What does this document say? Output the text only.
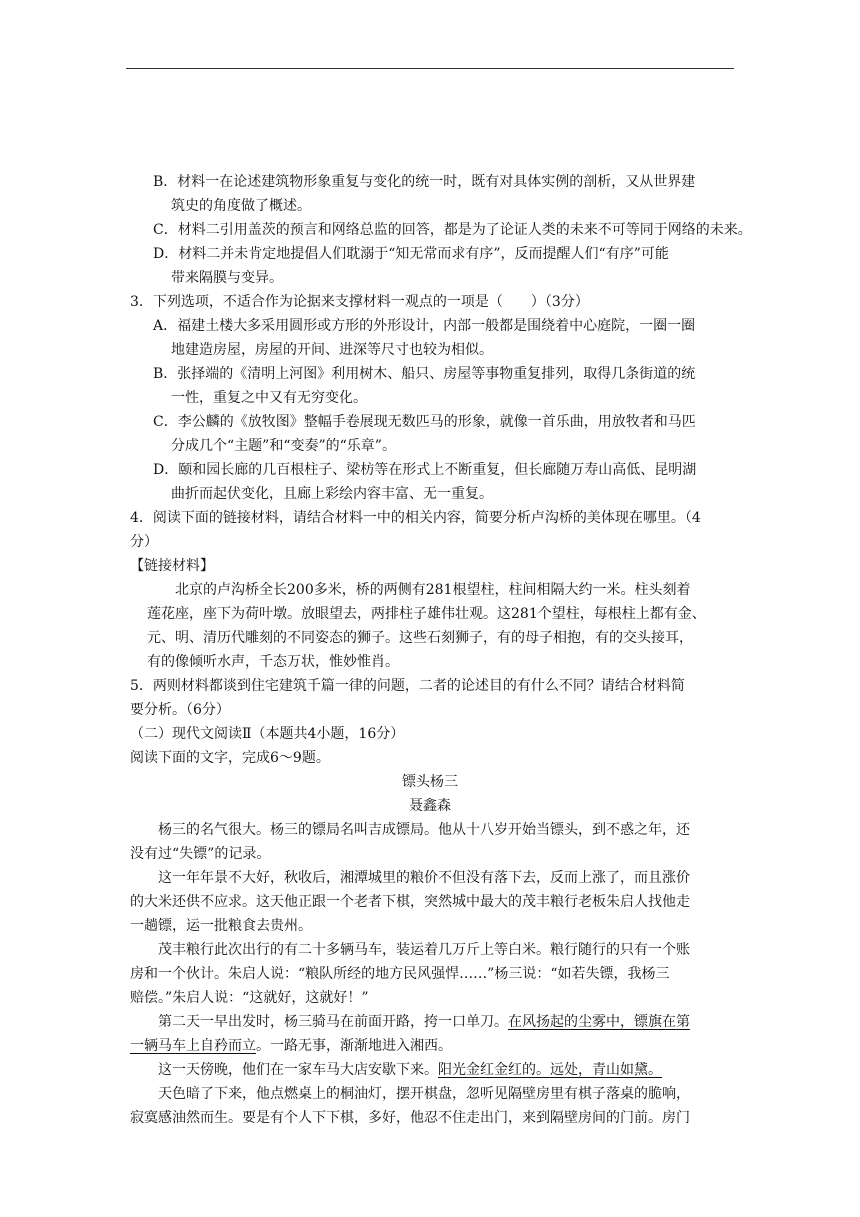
B．材料一在论述建筑物形象重复与变化的统一时，既有对具体实例的剖析，又从世界建
筑史的角度做了概述。
C．材料二引用盖茨的预言和网络总监的回答，都是为了论证人类的未来不可等同于网络的未来。
D．材料二并未肯定地提倡人们耽溺于“知无常而求有序”，反而提醒人们“有序”可能
带来隔膜与变异。
3．下列选项，不适合作为论据来支撑材料一观点的一项是（　　）（3分）
A．福建土楼大多采用圆形或方形的外形设计，内部一般都是围绕着中心庭院，一圈一圈
地建造房屋，房屋的开间、进深等尺寸也较为相似。
B．张择端的《清明上河图》利用树木、船只、房屋等事物重复排列，取得几条街道的统
一性，重复之中又有无穷变化。
C．李公麟的《放牧图》整幅手卷展现无数匹马的形象，就像一首乐曲，用放牧者和马匹
分成几个“主题”和“变奏”的“乐章”。
D．颐和园长廊的几百根柱子、梁枋等在形式上不断重复，但长廊随万寿山高低、昆明湖
曲折而起伏变化，且廊上彩绘内容丰富、无一重复。
4．阅读下面的链接材料，请结合材料一中的相关内容，简要分析卢沟桥的美体现在哪里。（4
分）
【链接材料】
北京的卢沟桥全长200多米，桥的两侧有281根望柱，柱间相隔大约一米。柱头刻着
莲花座，座下为荷叶墩。放眼望去，两排柱子雄伟壮观。这281个望柱，每根柱上都有金、
元、明、清历代雕刻的不同姿态的狮子。这些石刻狮子，有的母子相抱，有的交头接耳，
有的像倾听水声，千态万状，惟妙惟肖。
5．两则材料都谈到住宅建筑千篇一律的问题，二者的论述目的有什么不同？请结合材料简
要分析。（6分）
（二）现代文阅读Ⅱ（本题共4小题，16分）
阅读下面的文字，完成6～9题。
镖头杨三
聂鑫森
杨三的名气很大。杨三的镖局名叫吉成镖局。他从十八岁开始当镖头，到不惑之年，还
没有过“失镖”的记录。
这一年年景不大好，秋收后，湘潭城里的粮价不但没有落下去，反而上涨了，而且涨价
的大米还供不应求。这天他正跟一个老者下棋，突然城中最大的茂丰粮行老板朱启人找他走
一趟镖，运一批粮食去贵州。
茂丰粮行此次出行的有二十多辆马车，装运着几万斤上等白米。粮行随行的只有一个账
房和一个伙计。朱启人说：“粮队所经的地方民风强悍……”杨三说：“如若失镖，我杨三
赔偿。”朱启人说：“这就好，这就好！”
第二天一早出发时，杨三骑马在前面开路，挎一口单刀。在风扬起的尘雾中，镖旗在第
一辆马车上自矜而立。一路无事，渐渐地进入湘西。
这一天傍晚，他们在一家车马大店安歇下来。阳光金红金红的。远处，青山如黛。
天色暗了下来，他点燃桌上的桐油灯，摆开棋盘，忽听见隔壁房里有棋子落桌的脆响，
寂寞感油然而生。要是有个人下下棋，多好，他忍不住走出门，来到隔壁房间的门前。房门
